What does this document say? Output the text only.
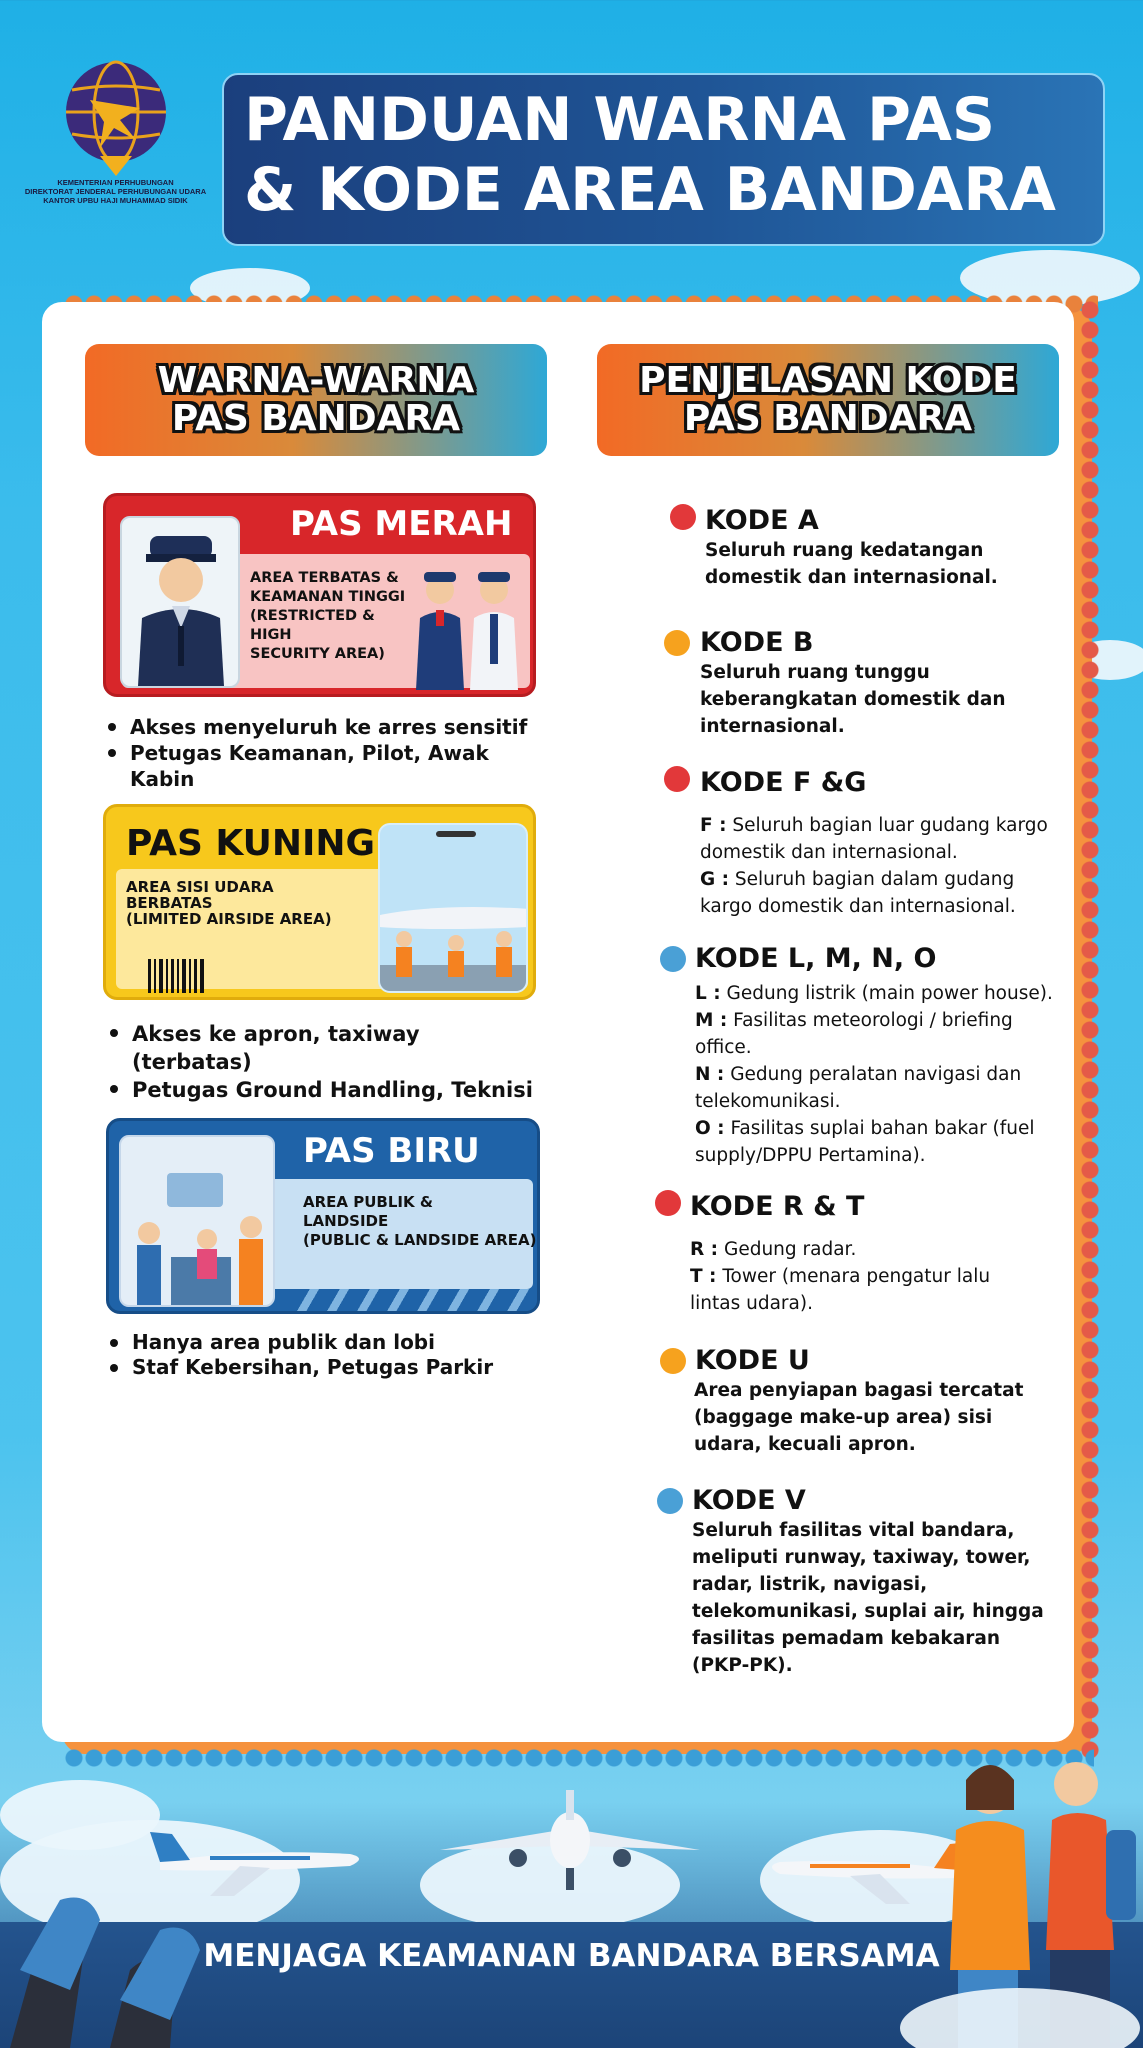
KEMENTERIAN PERHUBUNGAN
DIREKTORAT JENDERAL PERHUBUNGAN UDARA
KANTOR UPBU HAJI MUHAMMAD SIDIK
PANDUAN WARNA PAS
& KODE AREA BANDARA
WARNA-WARNA
PAS BANDARA
PENJELASAN KODE
PAS BANDARA
PAS MERAH
AREA TERBATAS &
KEAMANAN TINGGI
(RESTRICTED & HIGH
SECURITY AREA)
Akses menyeluruh ke arres sensitif
Petugas Keamanan, Pilot, Awak Kabin
PAS KUNING
AREA SISI UDARA
BERBATAS
(LIMITED AIRSIDE AREA)
Akses ke apron, taxiway (terbatas)
Petugas Ground Handling, Teknisi
PAS BIRU
AREA PUBLIK &
LANDSIDE
(PUBLIC & LANDSIDE AREA)
Hanya area publik dan lobi
Staf Kebersihan, Petugas Parkir
KODE A
Seluruh ruang kedatangan
domestik dan internasional.
KODE B
Seluruh ruang tunggu
keberangkatan domestik dan
internasional.
KODE F &G
F : Seluruh bagian luar gudang kargo
domestik dan internasional.
G : Seluruh bagian dalam gudang
kargo domestik dan internasional.
KODE L, M, N, O
L : Gedung listrik (main power house).
M : Fasilitas meteorologi / briefing
office.
N : Gedung peralatan navigasi dan
telekomunikasi.
O : Fasilitas suplai bahan bakar (fuel
supply/DPPU Pertamina).
KODE R & T
R : Gedung radar.
T : Tower (menara pengatur lalu
lintas udara).
KODE U
Area penyiapan bagasi tercatat
(baggage make-up area) sisi
udara, kecuali apron.
KODE V
Seluruh fasilitas vital bandara,
meliputi runway, taxiway, tower,
radar, listrik, navigasi,
telekomunikasi, suplai air, hingga
fasilitas pemadam kebakaran
(PKP-PK).
MENJAGA KEAMANAN BANDARA BERSAMA
